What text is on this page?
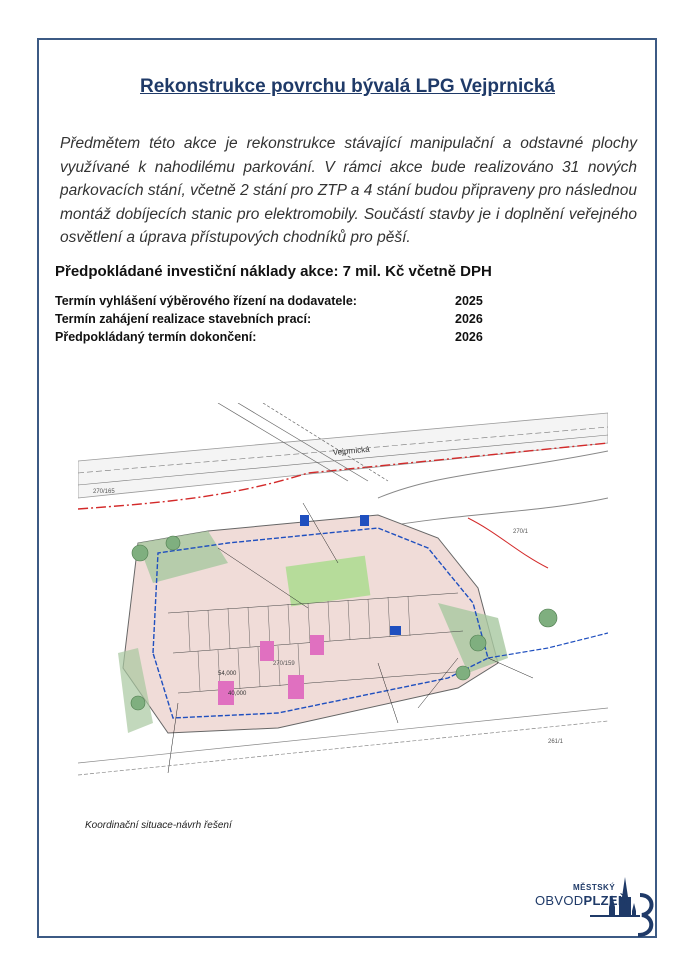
Rekonstrukce povrchu bývalá LPG Vejprnická
Předmětem této akce je rekonstrukce stávající manipulační a odstavné plochy využívané k nahodilému parkování. V rámci akce bude realizováno 31 nových parkovacích stání, včetně 2 stání pro ZTP a 4 stání budou připraveny pro následnou montáž dobíjecích stanic pro elektromobily. Součástí stavby je i doplnění veřejného osvětlení a úprava přístupových chodníků pro pěší.
Předpokládané investiční náklady akce: 7 mil. Kč včetně DPH
Termín vyhlášení výběrového řízení na dodavatele:	2025
Termín zahájení realizace stavebních prací:	2026
Předpokládaný termín dokončení:	2026
Vejprnická
270/165
270/1
270/159
261/1
54,000
40,000
Koordinační situace-návrh řešení
MĚSTSKÝ
OBVODPLZEŇ
